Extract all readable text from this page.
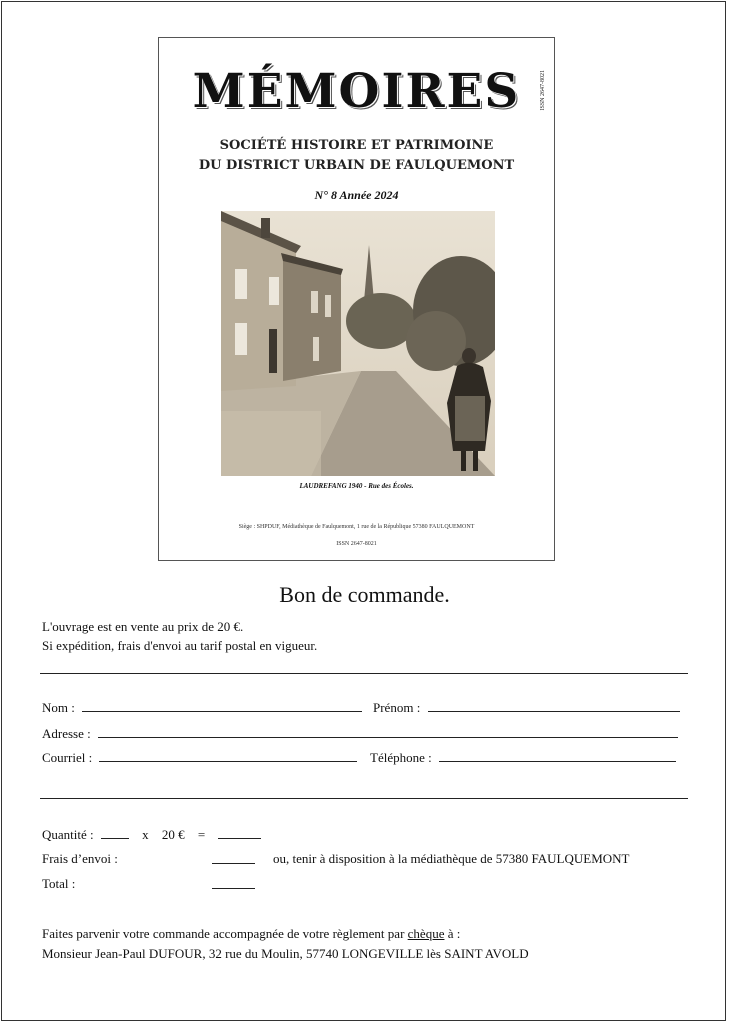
MÉMOIRES	ISSN 2647-8021
SOCIÉTÉ HISTOIRE ET PATRIMOINE
DU DISTRICT URBAIN DE FAULQUEMONT
N° 8 Année 2024
LAUDREFANG 1940 - Rue des Écoles.
Siège : SHPDUF, Médiathèque de Faulquemont, 1 rue de la République 57380 FAULQUEMONT
ISSN 2647-8021
Bon de commande.
L'ouvrage est en vente au prix de 20 €.
Si expédition, frais d'envoi au tarif postal en vigueur.
Nom :	Prénom :
Adresse :
Courriel :	Téléphone :
Quantité :	x 20 € =
Frais d’envoi :	ou, tenir à disposition à la médiathèque de 57380 FAULQUEMONT
Total :
Faites parvenir votre commande accompagnée de votre règlement par chèque à :
Monsieur Jean-Paul DUFOUR, 32 rue du Moulin, 57740 LONGEVILLE lès SAINT AVOLD
